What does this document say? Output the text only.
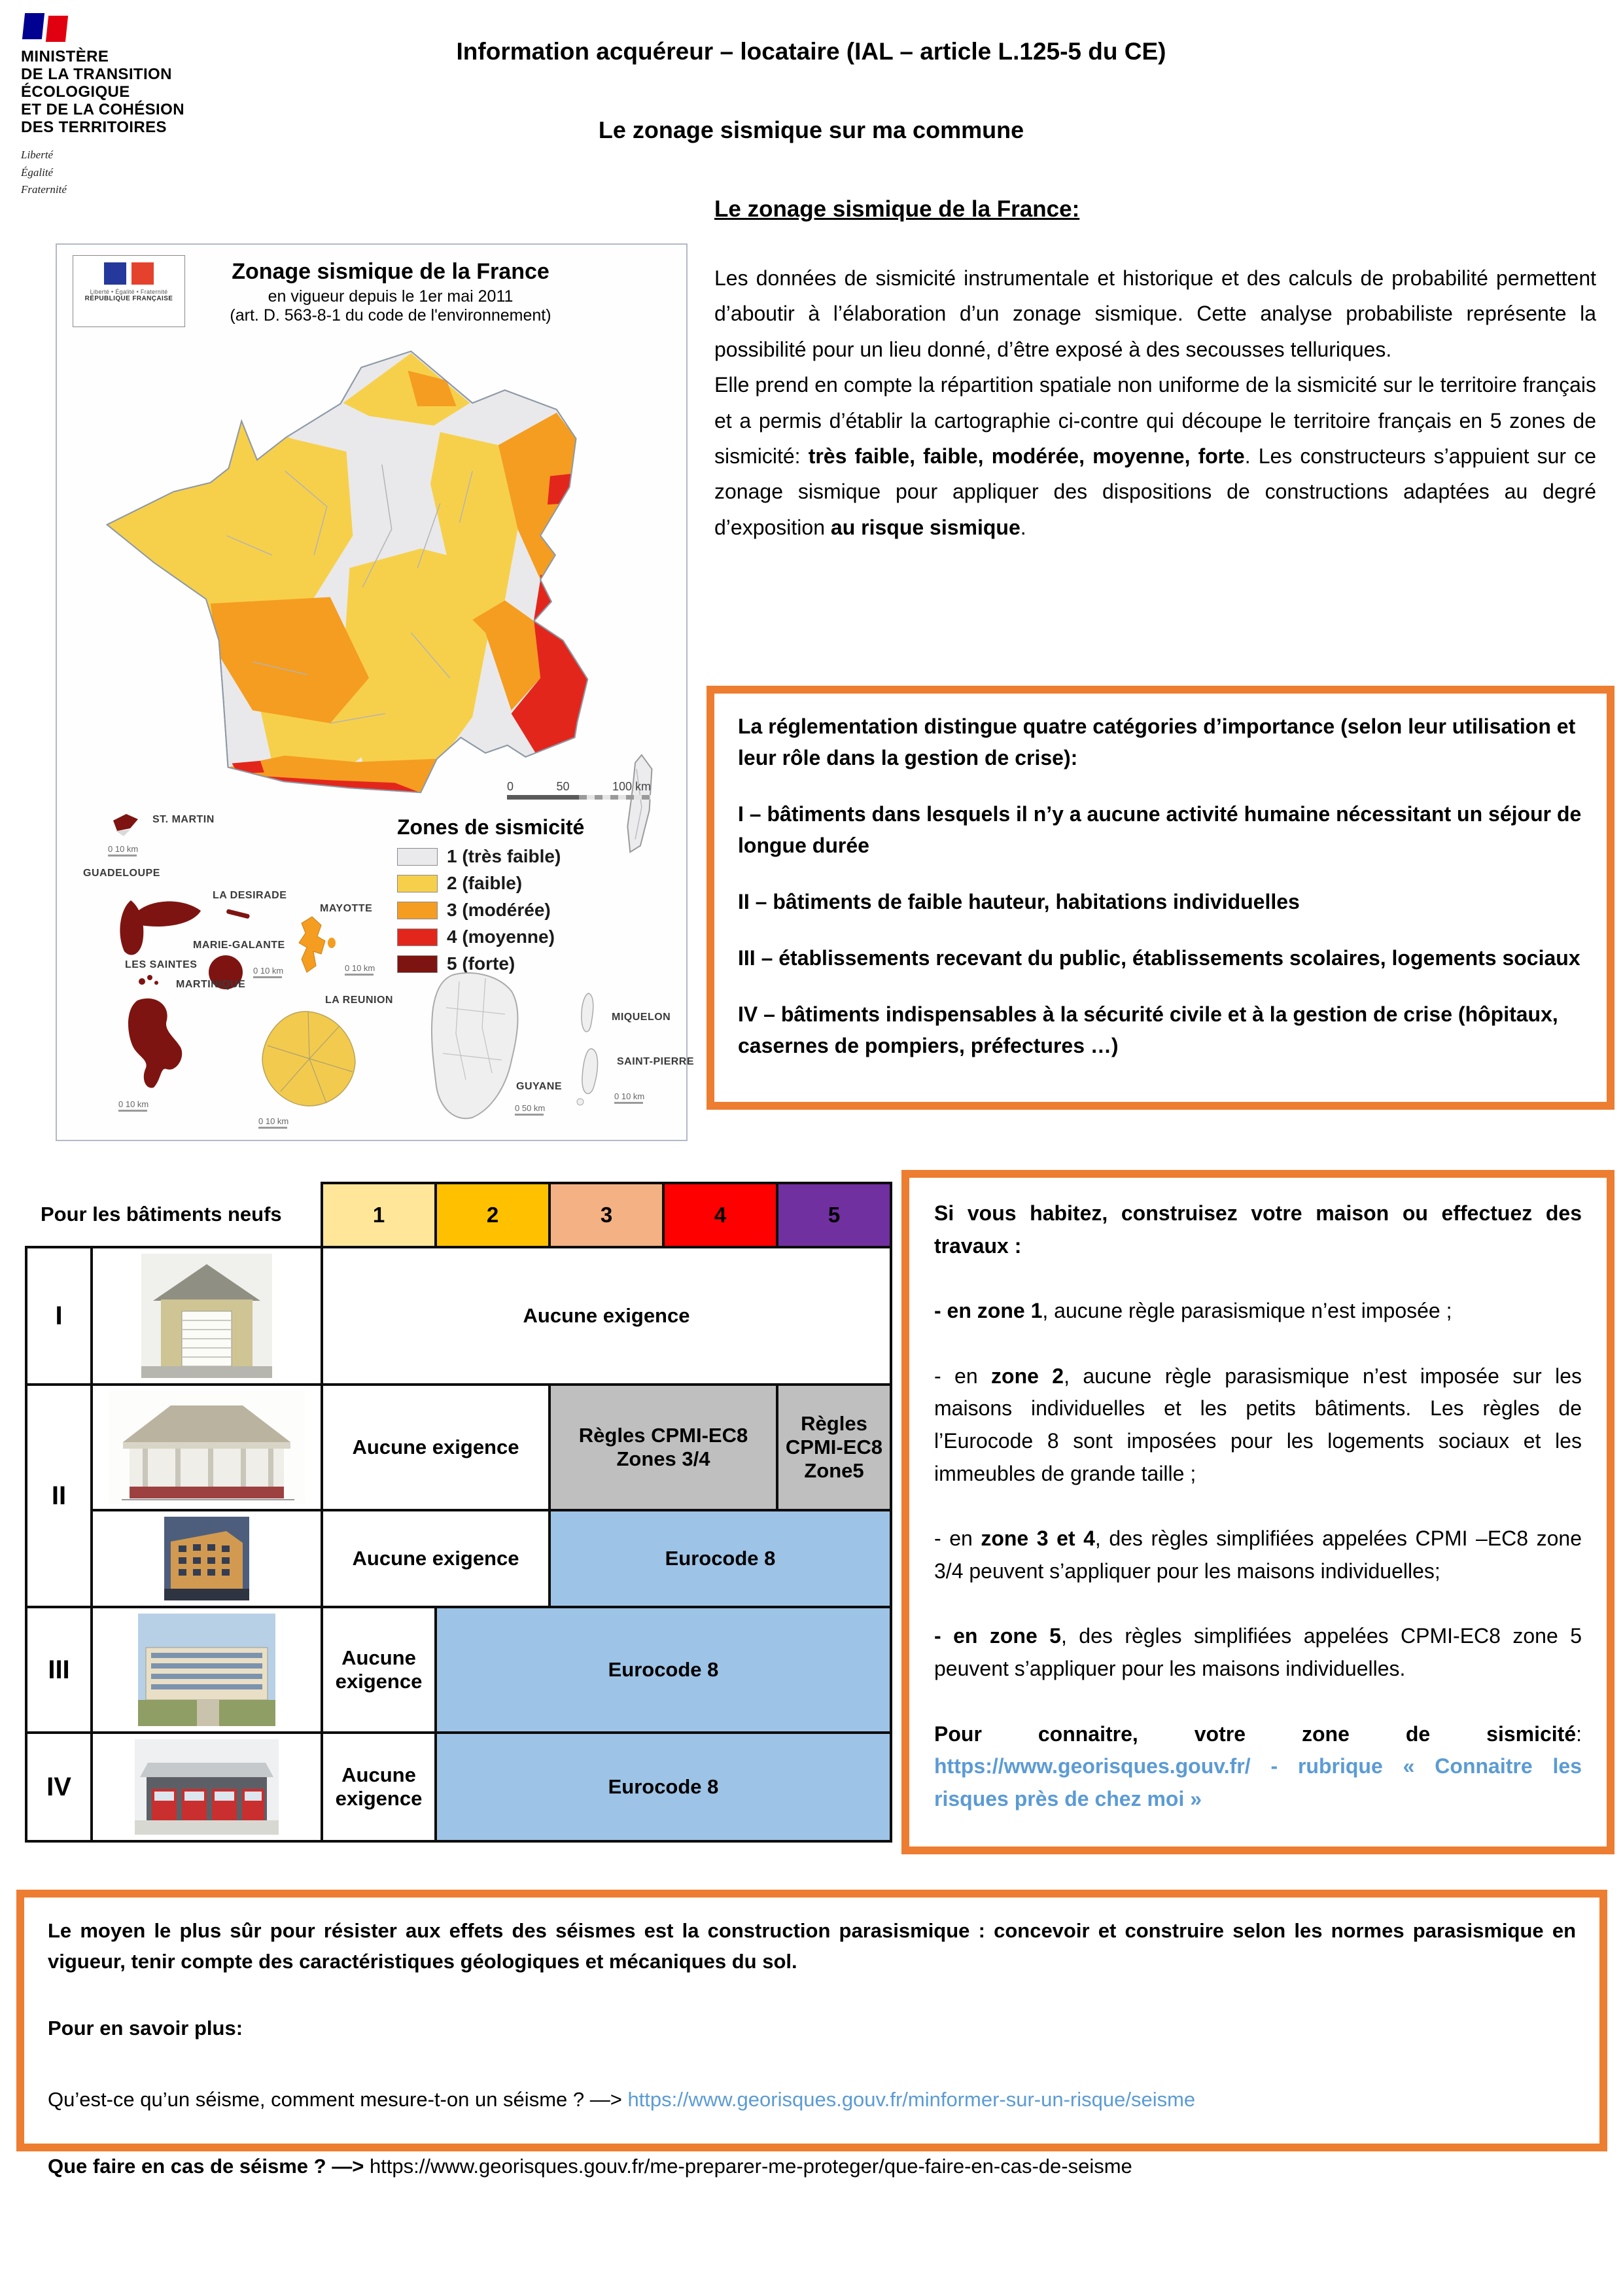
MINISTÈRE
DE LA TRANSITION
ÉCOLOGIQUE
ET DE LA COHÉSION
DES TERRITOIRES
Liberté
Égalité
Fraternité
Information acquéreur – locataire (IAL – article L.125-5 du CE)
Le zonage sismique sur ma commune
Liberté • Égalité • Fraternité
RÉPUBLIQUE FRANÇAISE
Zonage sismique de la France
en vigueur depuis le 1er mai 2011
(art. D. 563-8-1 du code de l'environnement)
0	50	100 km
Zones de sismicité
1 (très faible)
2 (faible)
3 (modérée)
4 (moyenne)
5 (forte)
ST. MARTIN
0 10 km
GUADELOUPE
LA DESIRADE
MARIE-GALANTE
0 10 km
LES SAINTES
MAYOTTE
0 10 km
MARTINIQUE
0 10 km
LA REUNION
0 10 km
GUYANE
0 50 km
MIQUELON
SAINT-PIERRE
0 10 km
Le zonage sismique de la France:
Les données de sismicité instrumentale et historique et des calculs de probabilité permettent d’aboutir à l’élaboration d’un zonage sismique. Cette analyse probabiliste représente la possibilité pour un lieu donné, d’être exposé à des secousses telluriques.
Elle prend en compte la répartition spatiale non uniforme de la sismicité sur le territoire français et a permis d’établir la cartographie ci-contre qui découpe le territoire français en 5 zones de sismicité: très faible, faible, modérée, moyenne, forte. Les constructeurs s’appuient sur ce zonage sismique pour appliquer des dispositions de constructions adaptées au degré d’exposition au risque sismique.

La réglementation distingue quatre catégories d’importance (selon leur utilisation et leur rôle dans la gestion de crise):

I – bâtiments dans lesquels il n’y a aucune activité humaine nécessitant un séjour de longue durée

II – bâtiments de faible hauteur, habitations individuelles

III – établissements recevant du public, établissements scolaires, logements sociaux

IV – bâtiments indispensables à la sécurité civile et à la gestion de crise (hôpitaux, casernes de pompiers, préfectures …)

Pour les bâtiments neufs		1	2	3	4	5
I		Aucune exigence				
II		Aucune exigence		Règles CPMI-EC8 Zones 3/4		Règles CPMI-EC8 Zone5

	Aucune exigence		Eurocode 8		
III		Aucune exigence	Eurocode 8			
IV		Aucune exigence	Eurocode 8			

Si vous habitez, construisez votre maison ou effectuez des travaux :

- en zone 1, aucune règle parasismique n’est imposée ;

- en zone 2, aucune règle parasismique n’est imposée sur les maisons individuelles et les petits bâtiments. Les règles de l’Eurocode 8 sont imposées pour les logements sociaux et les immeubles de grande taille ;

- en zone 3 et 4, des règles simplifiées appelées CPMI –EC8 zone 3/4 peuvent s’appliquer pour les maisons individuelles;

- en zone 5, des règles simplifiées appelées CPMI-EC8 zone 5 peuvent s’appliquer pour les maisons individuelles.

Pour connaitre, votre zone de sismicité: https://www.georisques.gouv.fr/ - rubrique « Connaitre les risques près de chez moi »

Le moyen le plus sûr pour résister aux effets des séismes est la construction parasismique : concevoir et construire selon les normes parasismique en vigueur, tenir compte des caractéristiques géologiques et mécaniques du sol.

Pour en savoir plus:

Qu’est-ce qu’un séisme, comment mesure-t-on un séisme ? —> https://www.georisques.gouv.fr/minformer-sur-un-risque/seisme

Que faire en cas de séisme ? —> https://www.georisques.gouv.fr/me-preparer-me-proteger/que-faire-en-cas-de-seisme
